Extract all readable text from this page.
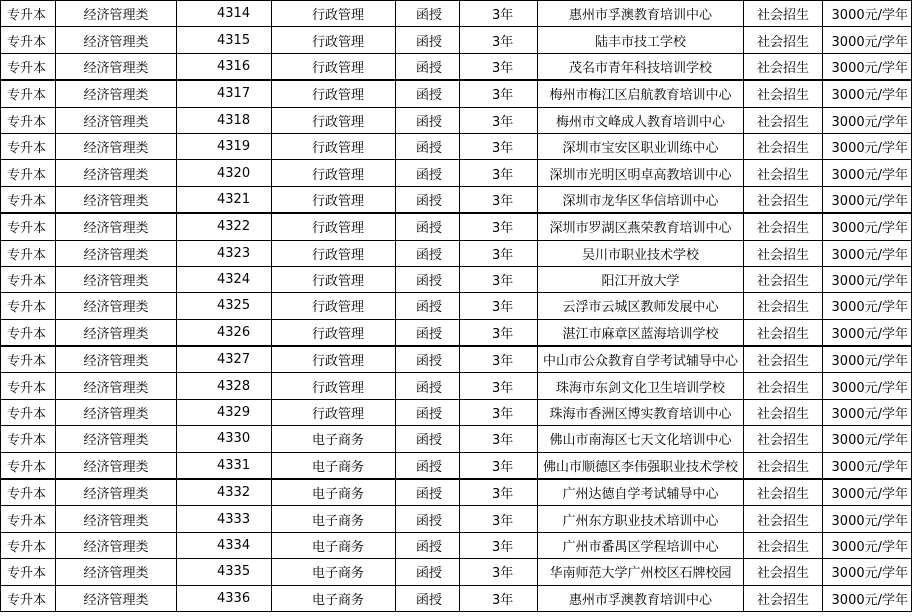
专升本	经济管理类	4314	行政管理	函授	3年	惠州市孚澳教育培训中心	社会招生	3000元/学年
专升本	经济管理类	4315	行政管理	函授	3年	陆丰市技工学校	社会招生	3000元/学年
专升本	经济管理类	4316	行政管理	函授	3年	茂名市青年科技培训学校	社会招生	3000元/学年
专升本	经济管理类	4317	行政管理	函授	3年	梅州市梅江区启航教育培训中心	社会招生	3000元/学年
专升本	经济管理类	4318	行政管理	函授	3年	梅州市文峰成人教育培训中心	社会招生	3000元/学年
专升本	经济管理类	4319	行政管理	函授	3年	深圳市宝安区职业训练中心	社会招生	3000元/学年
专升本	经济管理类	4320	行政管理	函授	3年	深圳市光明区明卓高教培训中心	社会招生	3000元/学年
专升本	经济管理类	4321	行政管理	函授	3年	深圳市龙华区华信培训中心	社会招生	3000元/学年
专升本	经济管理类	4322	行政管理	函授	3年	深圳市罗湖区燕荣教育培训中心	社会招生	3000元/学年
专升本	经济管理类	4323	行政管理	函授	3年	吴川市职业技术学校	社会招生	3000元/学年
专升本	经济管理类	4324	行政管理	函授	3年	阳江开放大学	社会招生	3000元/学年
专升本	经济管理类	4325	行政管理	函授	3年	云浮市云城区教师发展中心	社会招生	3000元/学年
专升本	经济管理类	4326	行政管理	函授	3年	湛江市麻章区蓝海培训学校	社会招生	3000元/学年
专升本	经济管理类	4327	行政管理	函授	3年	中山市公众教育自学考试辅导中心	社会招生	3000元/学年
专升本	经济管理类	4328	行政管理	函授	3年	珠海市东剑文化卫生培训学校	社会招生	3000元/学年
专升本	经济管理类	4329	行政管理	函授	3年	珠海市香洲区博实教育培训中心	社会招生	3000元/学年
专升本	经济管理类	4330	电子商务	函授	3年	佛山市南海区七天文化培训中心	社会招生	3000元/学年
专升本	经济管理类	4331	电子商务	函授	3年	佛山市顺德区李伟强职业技术学校	社会招生	3000元/学年
专升本	经济管理类	4332	电子商务	函授	3年	广州达德自学考试辅导中心	社会招生	3000元/学年
专升本	经济管理类	4333	电子商务	函授	3年	广州东方职业技术培训中心	社会招生	3000元/学年
专升本	经济管理类	4334	电子商务	函授	3年	广州市番禺区学程培训中心	社会招生	3000元/学年
专升本	经济管理类	4335	电子商务	函授	3年	华南师范大学广州校区石牌校园	社会招生	3000元/学年
专升本	经济管理类	4336	电子商务	函授	3年	惠州市孚澳教育培训中心	社会招生	3000元/学年
